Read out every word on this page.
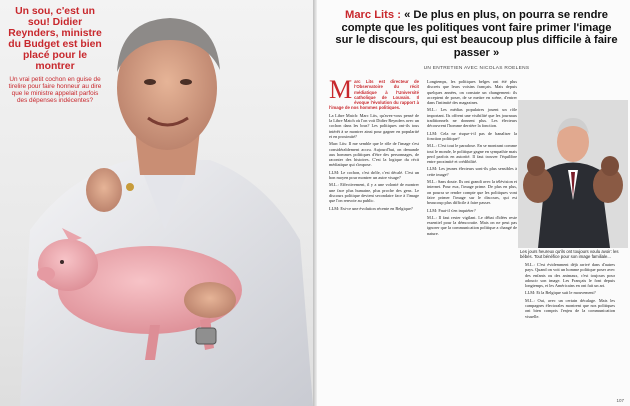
Un sou, c'est un sou! Didier Reynders, ministre du Budget est bien placé pour le montrer
Un vrai petit cochon en guise de tirelire pour faire honneur au dire que le ministre appelait parfois des dépenses indécentes?
Marc Lits : « De plus en plus, on pourra se rendre compte que les politiques vont faire primer l'image sur le discours, qui est beaucoup plus difficile à faire passer »
UN ENTRETIEN AVEC NICOLAS ROELENS

M arc Lits est directeur de l'Observatoire du récit médiatique à l'Université catholique de Louvain. Il évoque l'évolution du rapport à l'image de nos hommes politiques.

La Libre Match: Marc Lits, qu'avez-vous pensé de la Libre Match où l'on voit Didier Reynders avec un cochon dans les bras? Les politiques ont-ils tous intérêt à se montrer ainsi pour gagner en popularité et en proximité?

Marc Lits: Il me semble que le rôle de l'image s'est considérablement accru. Aujourd'hui, on demande aux hommes politiques d'être des personnages, de raconter des histoires. C'est la logique du récit médiatique qui s'impose.

LLM: Le cochon, c'est drôle, c'est décalé. C'est un bon moyen pour montrer un autre visage?

M.L.: Effectivement, il y a une volonté de montrer une face plus humaine, plus proche des gens. Le discours politique devient secondaire face à l'image que l'on renvoie au public.

LLM: Est-ce une évolution récente en Belgique?

Longtemps, les politiques belges ont été plus discrets que leurs voisins français. Mais depuis quelques années, on constate un changement: ils acceptent de poser, de se mettre en scène, d'entrer dans l'intimité des magazines.

M.L.: Les médias populaires jouent un rôle important. Ils offrent une visibilité que les journaux traditionnels ne donnent plus. Les électeurs découvrent l'homme derrière la fonction.

LLM: Cela ne risque-t-il pas de banaliser la fonction politique?

M.L.: C'est tout le paradoxe. En se montrant comme tout le monde, le politique gagne en sympathie mais perd parfois en autorité. Il faut trouver l'équilibre entre proximité et crédibilité.

LLM: Les jeunes électeurs sont-ils plus sensibles à cette image?

M.L.: Sans doute. Ils ont grandi avec la télévision et internet. Pour eux, l'image prime. De plus en plus, on pourra se rendre compte que les politiques vont faire primer l'image sur le discours, qui est beaucoup plus difficile à faire passer.

LLM: Faut-il s'en inquiéter?

M.L.: Il faut rester vigilant. Le débat d'idées reste essentiel pour la démocratie. Mais on ne peut pas ignorer que la communication politique a changé de nature.

Les jours heureux qu'ils ont toujours voulu avoir: les bébés. Tout bénéfice pour son image familiale...

M.L.: C'est évidemment déjà arrivé dans d'autres pays. Quand on voit un homme politique poser avec des enfants ou des animaux, c'est toujours pour adoucir son image. Les Français le font depuis longtemps, et les Américains en ont fait un art.

LLM: Et la Belgique suit le mouvement?

M.L.: Oui, avec un certain décalage. Mais les campagnes électorales montrent que nos politiques ont bien compris l'enjeu de la communication visuelle.

107
